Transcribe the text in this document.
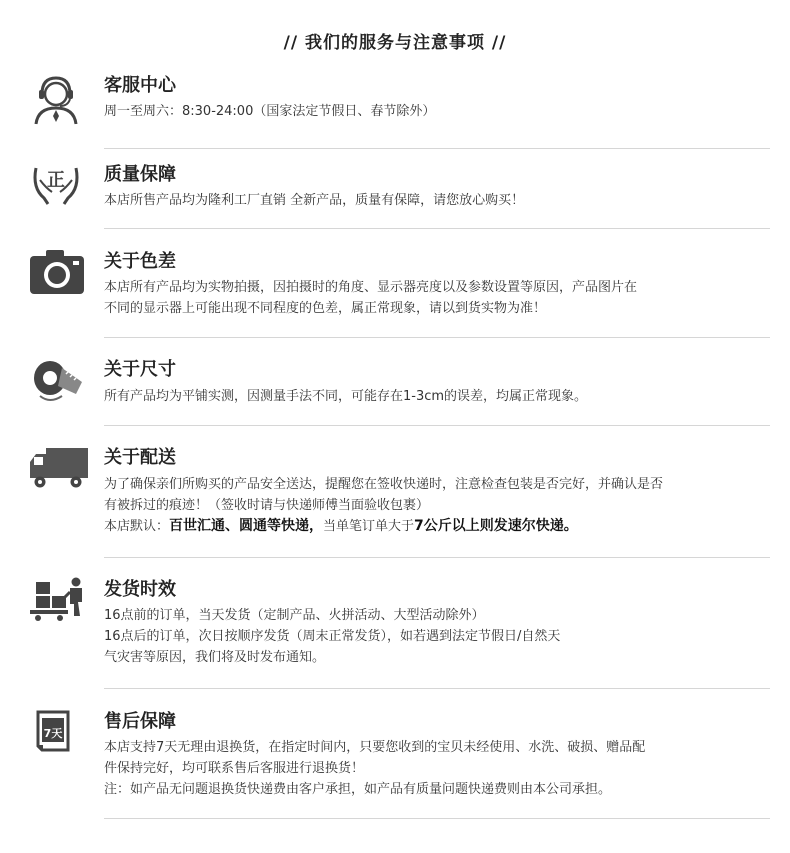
// 我们的服务与注意事项 //
客服中心
周一至周六：8:30-24:00（国家法定节假日、春节除外）
正 质量保障
本店所售产品均为隆利工厂直销 全新产品，质量有保障，请您放心购买！
关于色差
本店所有产品均为实物拍摄，因拍摄时的角度、显示器亮度以及参数设置等原因，产品图片在
不同的显示器上可能出现不同程度的色差，属正常现象，请以到货实物为准！
关于尺寸
所有产品均为平铺实测，因测量手法不同，可能存在1-3cm的误差，均属正常现象。
关于配送
为了确保亲们所购买的产品安全送达，提醒您在签收快递时，注意检查包装是否完好，并确认是否
有被拆过的痕迹！（签收时请与快递师傅当面验收包裹）
本店默认：百世汇通、圆通等快递，当单笔订单大于7公斤以上则发速尔快递。
发货时效
16点前的订单，当天发货（定制产品、火拼活动、大型活动除外）
16点后的订单，次日按顺序发货（周末正常发货），如若遇到法定节假日/自然天
气灾害等原因，我们将及时发布通知。
7天
售后保障
本店支持7天无理由退换货，在指定时间内，只要您收到的宝贝未经使用、水洗、破损、赠品配
件保持完好，均可联系售后客服进行退换货！
注：如产品无问题退换货快递费由客户承担，如产品有质量问题快递费则由本公司承担。
